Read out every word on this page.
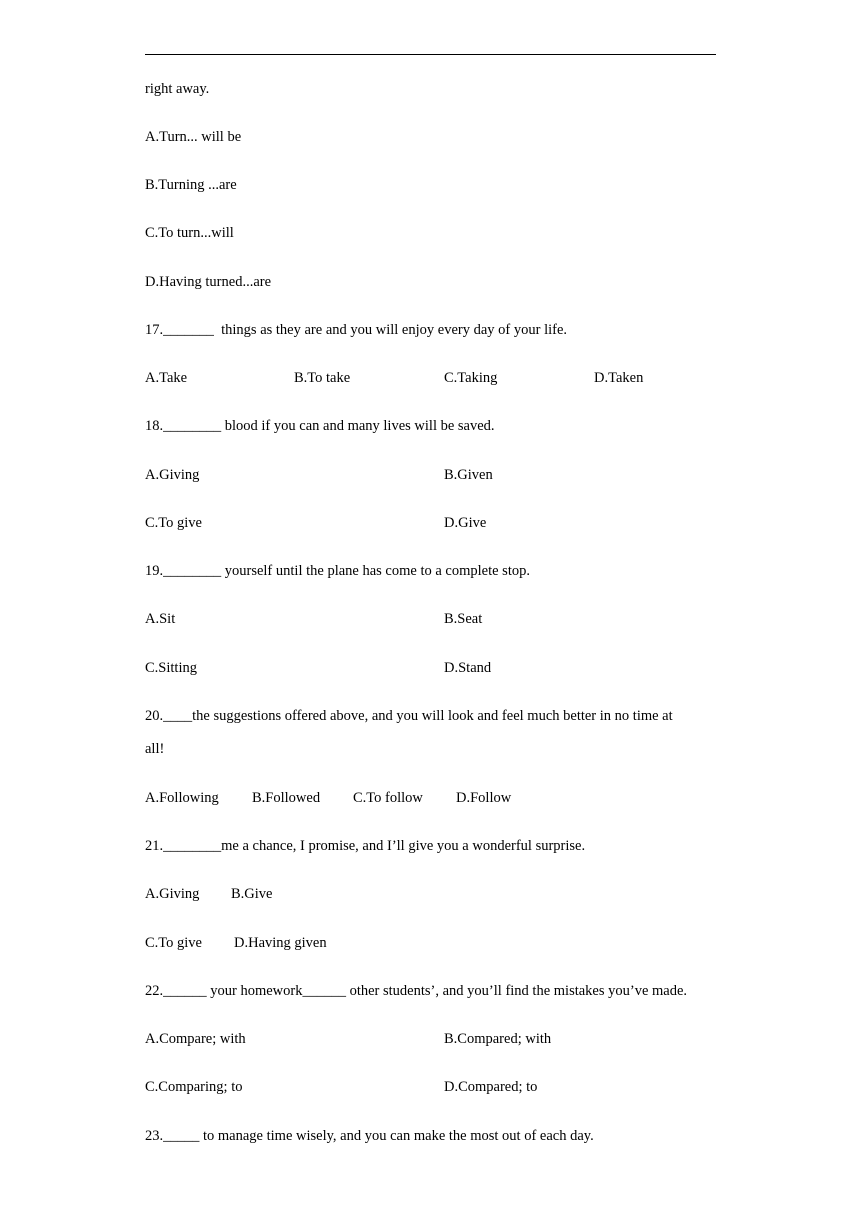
right away.
A.Turn... will be
B.Turning ...are
C.To turn...will
D.Having turned...are
17._______  things as they are and you will enjoy every day of your life.
A.Take	B.To take	C.Taking	D.Taken
18.________ blood if you can and many lives will be saved.
A.Giving	B.Given
C.To give	D.Give
19.________ yourself until the plane has come to a complete stop.
A.Sit	B.Seat
C.Sitting	D.Stand
20.____the suggestions offered above, and you will look and feel much better in no time at
all!
A.Following B.Followed C.To follow D.Follow
21.________me a chance, I promise, and I’ll give you a wonderful surprise.
A.Giving B.Give
C.To give D.Having given
22.______ your homework______ other students’, and you’ll find the mistakes you’ve made.
A.Compare; with	B.Compared; with
C.Comparing; to	D.Compared; to
23._____ to manage time wisely, and you can make the most out of each day.
